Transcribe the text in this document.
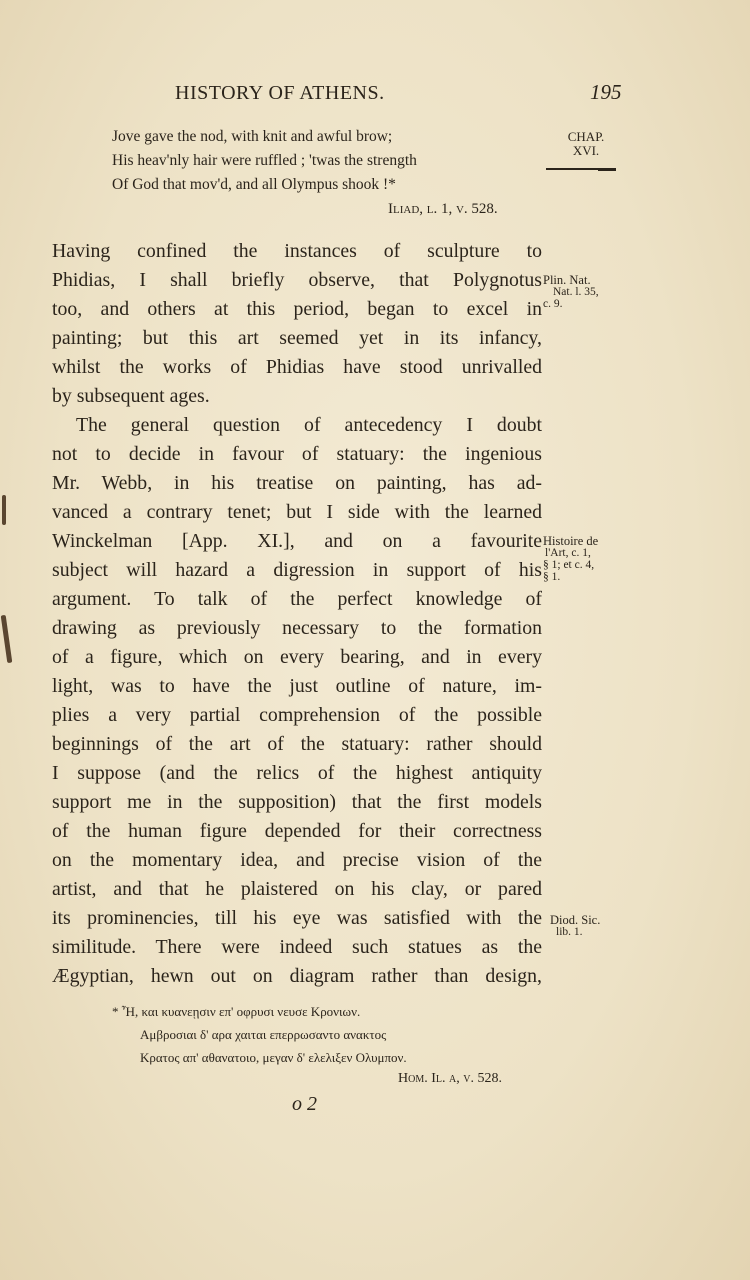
HISTORY OF ATHENS.	195
CHAP.
XVI.
Jove gave the nod, with knit and awful brow;
His heav'nly hair were ruffled ; 'twas the strength
Of God that mov'd, and all Olympus shook !*
Iliad, l. 1, v. 528.
Having confined the instances of sculpture to
Phidias, I shall briefly observe, that Polygnotus
too, and others at this period, began to excel in
painting; but this art seemed yet in its infancy,
whilst the works of Phidias have stood unrivalled
by subsequent ages.
The general question of antecedency I doubt
not to decide in favour of statuary: the ingenious
Mr. Webb, in his treatise on painting, has ad-
vanced a contrary tenet; but I side with the learned
Winckelman [App. XI.], and on a favourite
subject will hazard a digression in support of his
argument. To talk of the perfect knowledge of
drawing as previously necessary to the formation
of a figure, which on every bearing, and in every
light, was to have the just outline of nature, im-
plies a very partial comprehension of the possible
beginnings of the art of the statuary: rather should
I suppose (and the relics of the highest antiquity
support me in the supposition) that the first models
of the human figure depended for their correctness
on the momentary idea, and precise vision of the
artist, and that he plaistered on his clay, or pared
its prominencies, till his eye was satisfied with the
similitude. There were indeed such statues as the
Ægyptian, hewn out on diagram rather than design,
Plin. Nat.
Nat. l. 35,
c. 9.
Histoire de
l'Art, c. 1,
§ 1; et c. 4,
§ 1.
Diod. Sic.
lib. 1.
* Ἦ, και κυανεῃσιν επ' οφρυσι νευσε Κρονιων.
Αμβροσιαι δ' αρα χαιται επερρωσαντο ανακτος
Κρατος απ' αθανατοιο, μεγαν δ' ελελιξεν Ολυμπον.
Hom. Il. α, v. 528.
o 2
